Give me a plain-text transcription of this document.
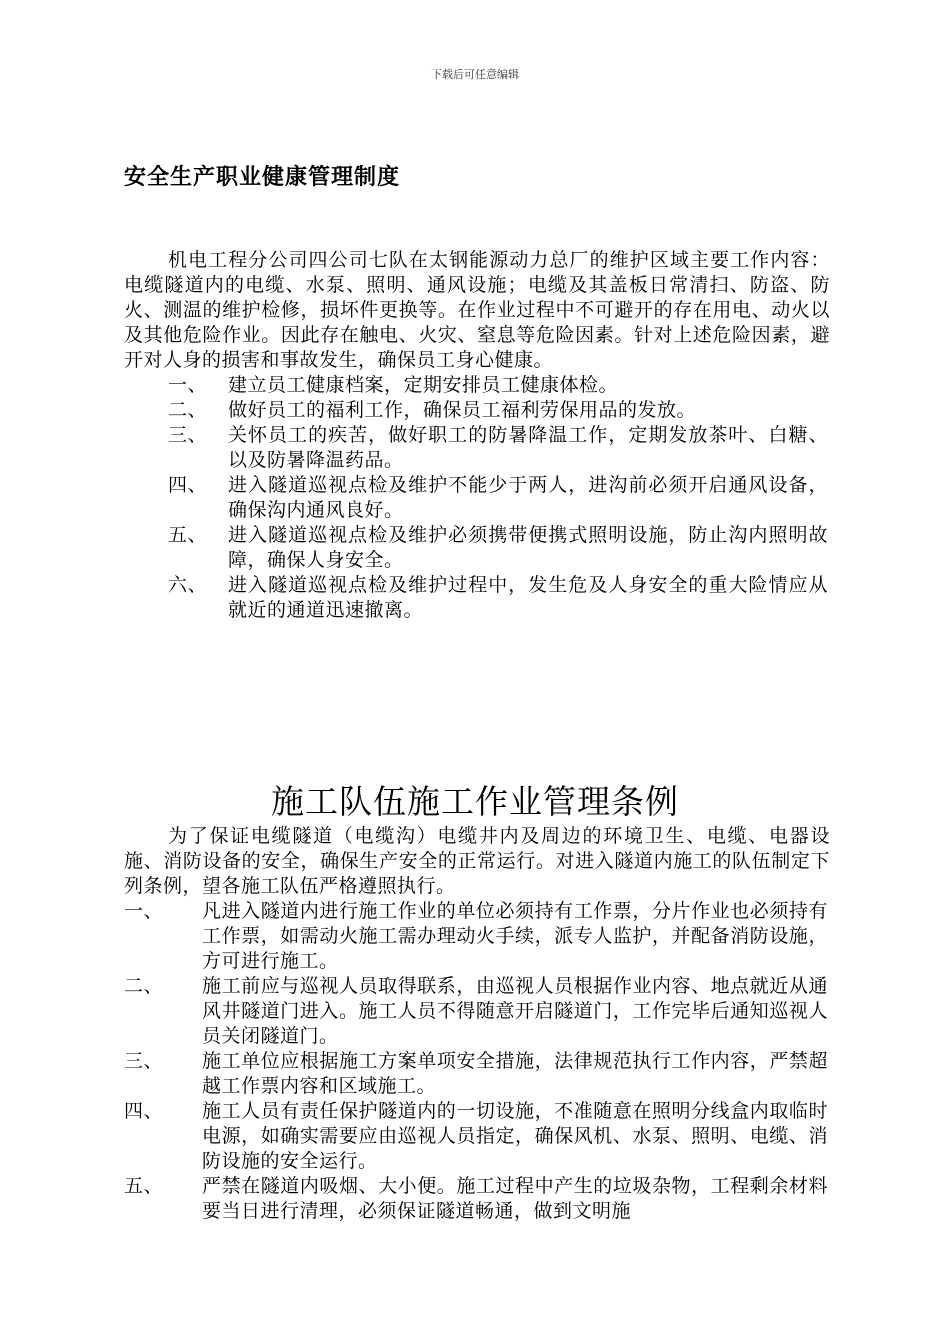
下载后可任意编辑
安全生产职业健康管理制度

机电工程分公司四公司七队在太钢能源动力总厂的维护区域主要工作内容：电缆隧道内的电缆、水泵、照明、通风设施；电缆及其盖板日常清扫、防盗、防火、测温的维护检修，损坏件更换等。在作业过程中不可避开的存在用电、动火以及其他危险作业。因此存在触电、火灾、窒息等危险因素。针对上述危险因素，避开对人身的损害和事故发生，确保员工身心健康。

一、	建立员工健康档案，定期安排员工健康体检。
二、	做好员工的福利工作，确保员工福利劳保用品的发放。
三、	关怀员工的疾苦，做好职工的防暑降温工作，定期发放茶叶、白糖、以及防暑降温药品。
四、	进入隧道巡视点检及维护不能少于两人，进沟前必须开启通风设备，确保沟内通风良好。
五、	进入隧道巡视点检及维护必须携带便携式照明设施，防止沟内照明故障，确保人身安全。
六、	进入隧道巡视点检及维护过程中，发生危及人身安全的重大险情应从就近的通道迅速撤离。
施工队伍施工作业管理条例

为了保证电缆隧道（电缆沟）电缆井内及周边的环境卫生、电缆、电器设施、消防设备的安全，确保生产安全的正常运行。对进入隧道内施工的队伍制定下列条例，望各施工队伍严格遵照执行。

一、	凡进入隧道内进行施工作业的单位必须持有工作票，分片作业也必须持有工作票，如需动火施工需办理动火手续，派专人监护，并配备消防设施，方可进行施工。
二、	施工前应与巡视人员取得联系，由巡视人员根据作业内容、地点就近从通风井隧道门进入。施工人员不得随意开启隧道门，工作完毕后通知巡视人员关闭隧道门。
三、	施工单位应根据施工方案单项安全措施，法律规范执行工作内容，严禁超越工作票内容和区域施工。
四、	施工人员有责任保护隧道内的一切设施，不准随意在照明分线盒内取临时电源，如确实需要应由巡视人员指定，确保风机、水泵、照明、电缆、消防设施的安全运行。
五、	严禁在隧道内吸烟、大小便。施工过程中产生的垃圾杂物，工程剩余材料要当日进行清理，必须保证隧道畅通，做到文明施
